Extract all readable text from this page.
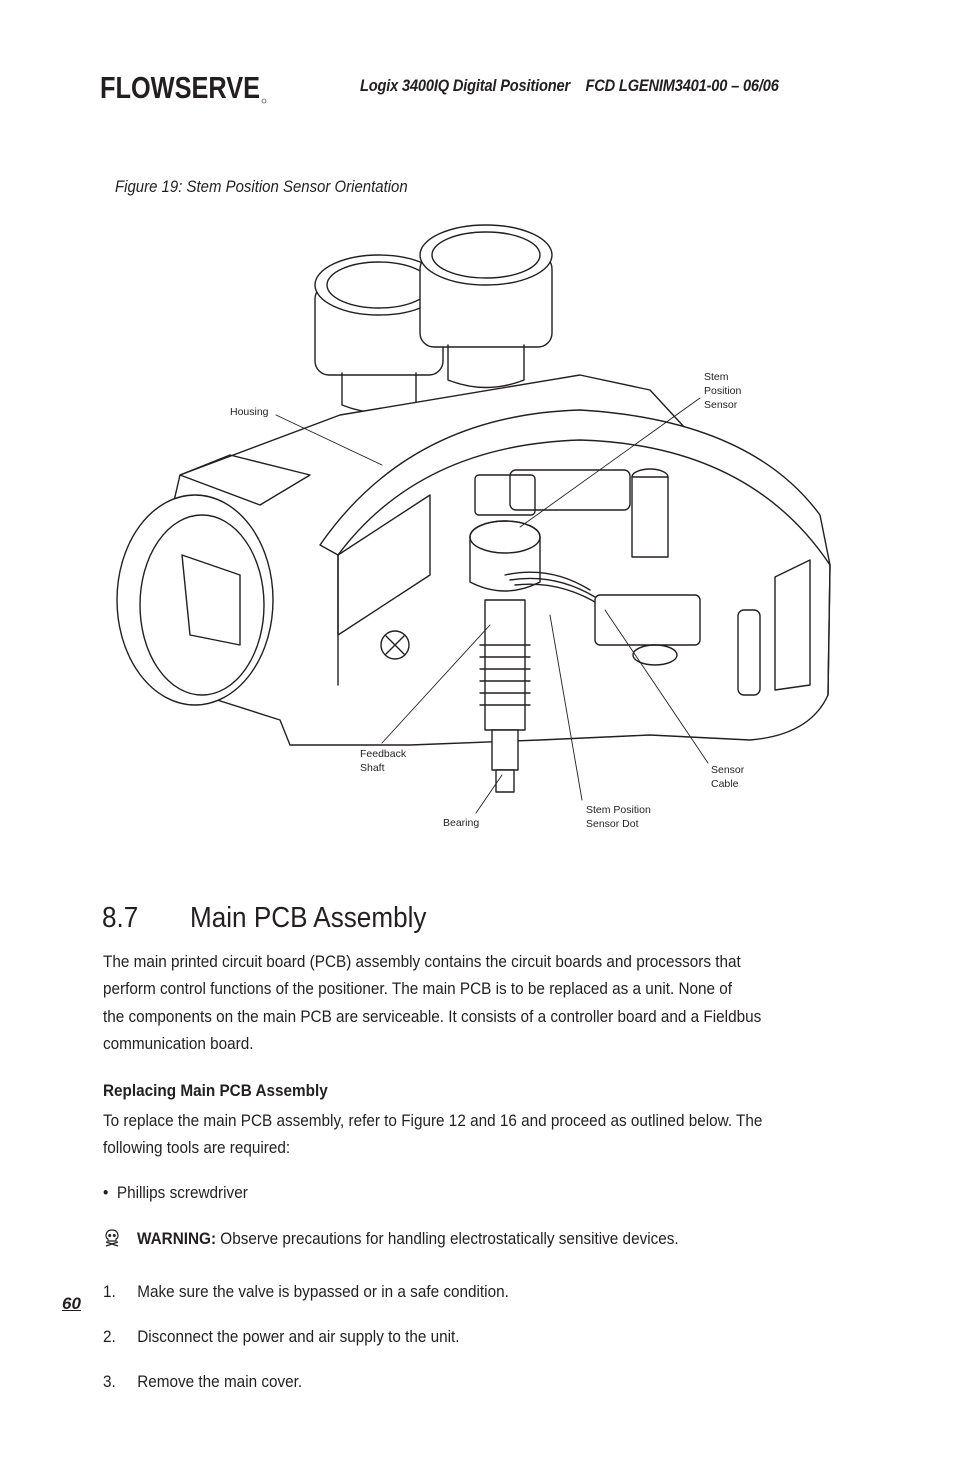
FLOWSERVE	Logix 3400IQ Digital Positioner    FCD LGENIM3401-00 – 06/06
Figure 19: Stem Position Sensor Orientation
Housing
Stem
Position
Sensor
Feedback
Shaft	Sensor
Cable
Bearing
Stem Position
Sensor Dot
8.7 Main PCB Assembly
The main printed circuit board (PCB) assembly contains the circuit boards and processors that
perform control functions of the positioner. The main PCB is to be replaced as a unit. None of
the components on the main PCB are serviceable. It consists of a controller board and a Fieldbus
communication board.
Replacing Main PCB Assembly
To replace the main PCB assembly, refer to Figure 12 and 16 and proceed as outlined below. The
following tools are required:
• Phillips screwdriver
WARNING: Observe precautions for handling electrostatically sensitive devices.
60
1. Make sure the valve is bypassed or in a safe condition.
2. Disconnect the power and air supply to the unit.
3. Remove the main cover.
